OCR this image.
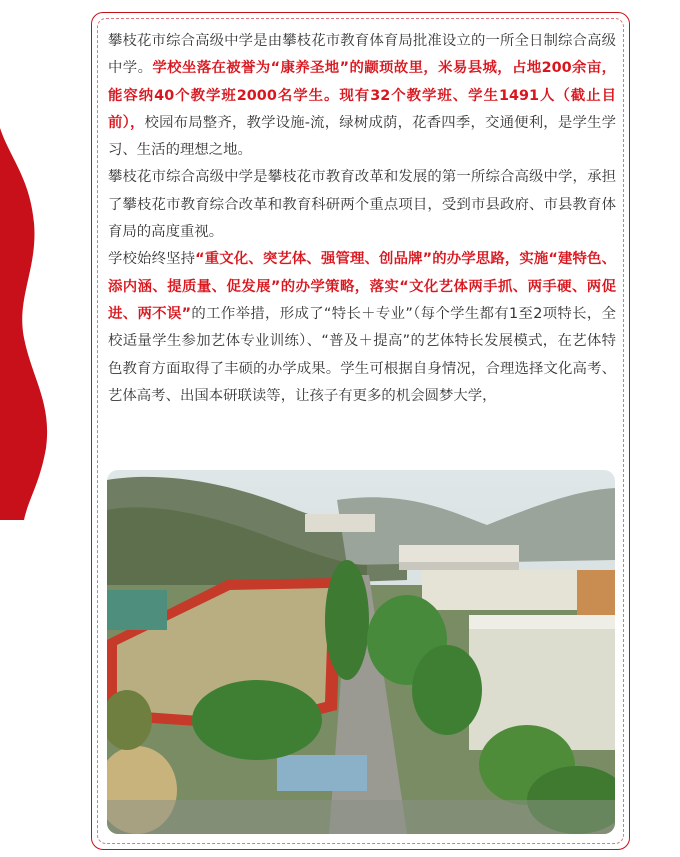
攀枝花市综合高级中学是由攀枝花市教育体育局批准设立的一所全日制综合高级中学。学校坐落在被誉为“康养圣地”的颛顼故里，米易县城，占地200余亩，能容纳40个教学班2000名学生。现有32个教学班、学生1491人（截止目前），校园布局整齐，教学设施-流，绿树成荫，花香四季，交通便利，是学生学习、生活的理想之地。

攀枝花市综合高级中学是攀枝花市教育改革和发展的第一所综合高级中学，承担了攀枝花市教育综合改革和教育科研两个重点项目，受到市县政府、市县教育体育局的高度重视。

学校始终坚持“重文化、突艺体、强管理、创品牌”的办学思路，实施“建特色、添内涵、提质量、促发展”的办学策略，落实“文化艺体两手抓、两手硬、两促进、两不误”的工作举措，形成了“特长＋专业”（每个学生都有1至2项特长，全校适量学生参加艺体专业训练）、“普及＋提高”的艺体特长发展模式，在艺体特色教育方面取得了丰硕的办学成果。学生可根据自身情况，合理选择文化高考、艺体高考、出国本研联读等，让孩子有更多的机会圆梦大学，
